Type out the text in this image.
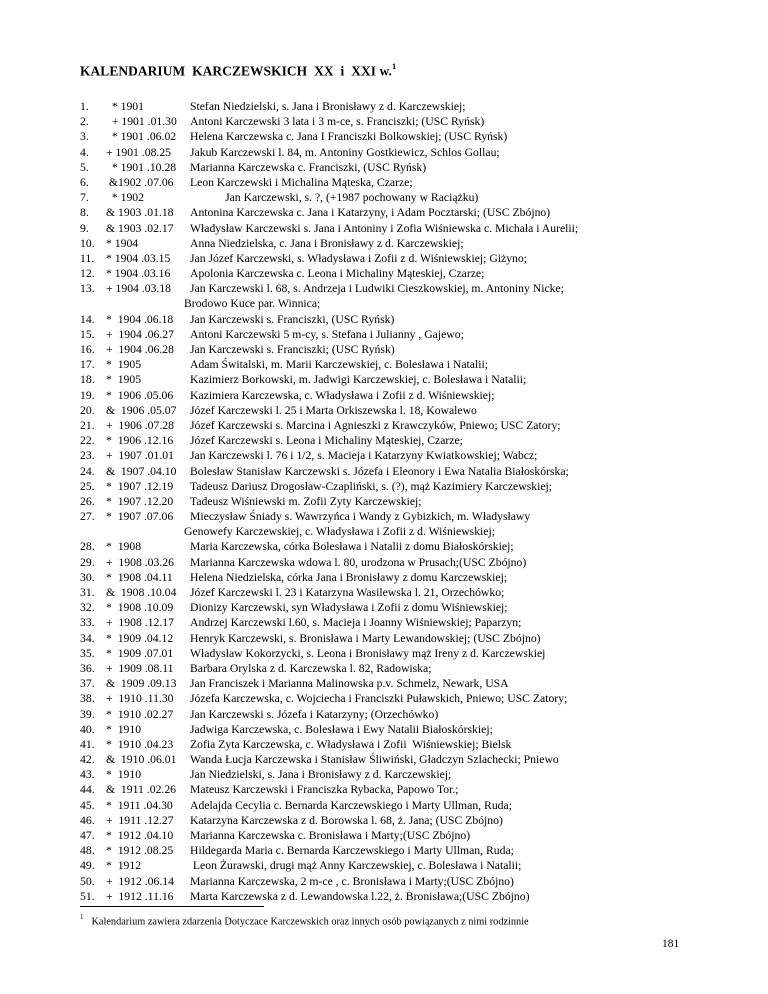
KALENDARIUM  KARCZEWSKICH  XX  i  XXI w.$^1$
1. * 1901	Stefan Niedzielski, s. Jana i Bronisławy z d. Karczewskiej;
2. + 1901 .01.30 Antoni Karczewski 3 lata i 3 m-ce, s. Franciszki; (USC Ryńsk)
3. * 1901 .06.02 Helena Karczewska c. Jana I Franciszki Bolkowskiej; (USC Ryńsk)
4. + 1901 .08.25 Jakub Karczewski l. 84, m. Antoniny Gostkiewicz, Schlos Gollau;
5. * 1901 .10.28 Marianna Karczewska c. Franciszki, (USC Ryńsk)
6. &1902 .07.06 Leon Karczewski i Michalina Mąteska, Czarze;
7. * 1902	Jan Karczewski, s. ?, (+1987 pochowany w Raciążku)
8. & 1903 .01.18 Antonina Karczewska c. Jana i Katarzyny, i Adam Pocztarski; (USC Zbójno)
9. & 1903 .02.17 Władysław Karczewski s. Jana i Antoniny i Zofia Wiśniewska c. Michała i Aurelii;
10. * 1904	Anna Niedzielska, c. Jana i Bronisławy z d. Karczewskiej;
11. * 1904 .03.15 Jan Józef Karczewski, s. Władysława i Zofii z d. Wiśniewskiej; Giżyno;
12. * 1904 .03.16 Apolonia Karczewska c. Leona i Michaliny Mąteskiej, Czarze;
13. + 1904 .03.18 Jan Karczewski l. 68, s. Andrzeja i Ludwiki Cieszkowskiej, m. Antoniny Nicke;
Brodowo Kuce par. Winnica;
14. *  1904 .06.18 Jan Karczewski s. Franciszki, (USC Ryńsk)
15. +  1904 .06.27 Antoni Karczewski 5 m-cy, s. Stefana i Julianny , Gajewo;
16. +  1904 .06.28 Jan Karczewski s. Franciszki; (USC Ryńsk)
17. *  1905	Adam Świtalski, m. Marii Karczewskiej, c. Bolesława i Natalii;
18. *  1905	Kazimierz Borkowski, m. Jadwigi Karczewskiej, c. Bolesława i Natalii;
19. *  1906 .05.06 Kazimiera Karczewska, c. Władysława i Zofii z d. Wiśniewskiej;
20. &  1906 .05.07 Józef Karczewski l. 25 i Marta Orkiszewska l. 18, Kowalewo
21. +  1906 .07.28 Józef Karczewski s. Marcina i Agnieszki z Krawczyków, Pniewo; USC Zatory;
22. *  1906 .12.16 Józef Karczewski s. Leona i Michaliny Mąteskiej, Czarze;
23. +  1907 .01.01 Jan Karczewski l. 76 i 1/2, s. Macieja i Katarzyny Kwiatkowskiej; Wabcz;
24. &  1907 .04.10 Bolesław Stanisław Karczewski s. Józefa i Eleonory i Ewa Natalia Białoskórska;
25. *  1907 .12.19 Tadeusz Dariusz Drogosław-Czapliński, s. (?), mąż Kazimiery Karczewskiej;
26. *  1907 .12.20 Tadeusz Wiśniewski m. Zofii Zyty Karczewskiej;
27. *  1907 .07.06 Mieczysław Śniady s. Wawrzyńca i Wandy z Gybizkich, m. Władysławy
Genowefy Karczewskiej, c. Władysława i Zofii z d. Wiśniewskiej;
28. *  1908	Maria Karczewska, córka Bolesława i Natalii z domu Białoskórskiej;
29. +  1908 .03.26 Marianna Karczewska wdowa l. 80, urodzona w Prusach;(USC Zbójno)
30. *  1908 .04.11 Helena Niedzielska, córka Jana i Bronisławy z domu Karczewskiej;
31. &  1908 .10.04 Józef Karczewski l. 23 i Katarzyna Wasilewska l. 21, Orzechówko;
32. *  1908 .10.09 Dionizy Karczewski, syn Władysława i Zofii z domu Wiśniewskiej;
33. +  1908 .12.17 Andrzej Karczewski l.60, s. Macieja i Joanny Wiśniewskiej; Paparzyn;
34. *  1909 .04.12 Henryk Karczewski, s. Bronisława i Marty Lewandowskiej; (USC Zbójno)
35. *  1909 .07.01 Władysław Kokorzycki, s. Leona i Bronisławy mąż Ireny z d. Karczewskiej
36. +  1909 .08.11 Barbara Orylska z d. Karczewska l. 82, Radowiska;
37. &  1909 .09.13 Jan Franciszek i Marianna Malinowska p.v. Schmelz, Newark, USA
38. +  1910 .11.30 Józefa Karczewska, c. Wojciecha i Franciszki Puławskich, Pniewo; USC Zatory;
39. *  1910 .02.27 Jan Karczewski s. Józefa i Katarzyny; (Orzechówko)
40. *  1910	Jadwiga Karczewska, c. Bolesława i Ewy Natalii Białoskórskiej;
41. *  1910 .04.23 Zofia Zyta Karczewska, c. Władysława i Zofii  Wiśniewskiej; Bielsk
42. &  1910 .06.01 Wanda Łucja Karczewska i Stanisław Śliwiński, Gładczyn Szlachecki; Pniewo
43. *  1910	Jan Niedzielski, s. Jana i Bronisławy z d. Karczewskiej;
44. &  1911 .02.26 Mateusz Karczewski i Franciszka Rybacka, Papowo Tor.;
45. *  1911 .04.30 Adelajda Cecylia c. Bernarda Karczewskiego i Marty Ullman, Ruda;
46. +  1911 .12.27 Katarzyna Karczewska z d. Borowska l. 68, ż. Jana; (USC Zbójno)
47. *  1912 .04.10 Marianna Karczewska c. Bronisława i Marty;(USC Zbójno)
48. *  1912 .08.25 Hildegarda Maria c. Bernarda Karczewskiego i Marty Ullman, Ruda;
49. *  1912	Leon Żurawski, drugi mąż Anny Karczewskiej, c. Bolesława i Natalii;
50. +  1912 .06.14 Marianna Karczewska, 2 m-ce , c. Bronisława i Marty;(USC Zbójno)
51. +  1912 .11.16 Marta Karczewska z d. Lewandowska l.22, ż. Bronisława;(USC Zbójno)
$^1$ Kalendarium zawiera zdarzenia Dotyczace Karczewskich oraz innych osób powiązanych z nimi rodzinnie
181
